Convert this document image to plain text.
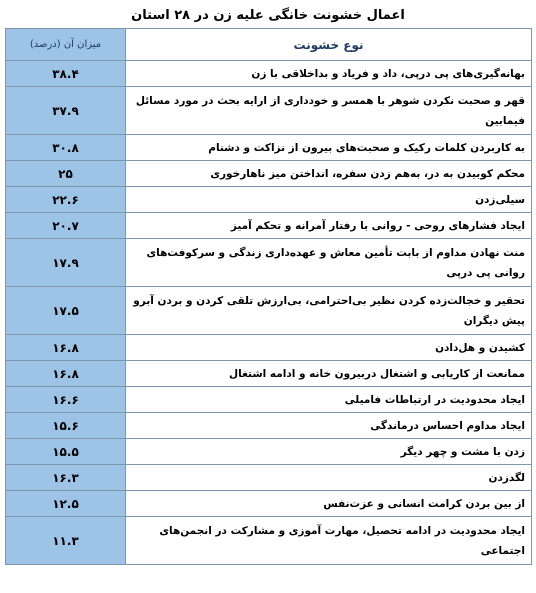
اعمال خشونت خانگی علیه زن در ۲۸ استان
نوع خشونت	میزان آن (درصد)
بهانه‌گیری‌های پی درپی، داد و فریاد و بداخلاقی با زن	۳۸.۴
قهر و صحبت نکردن شوهر با همسر و خودداری از ارایه بحث در مورد مسائل فیمابین	۳۷.۹
به کاربردن کلمات رکیک و صحبت‌های بیرون از نزاکت و دشنام	۳۰.۸
محکم کوبیدن به در، به‌هم زدن سفره، انداختن میز ناهارخوری	۲۵
سیلی‌زدن	۲۲.۶
ایجاد فشارهای روحی - روانی با رفتار آمرانه و تحکم آمیز	۲۰.۷
منت نهادن مداوم از بابت تأمین معاش و عهده‌داری زندگی و سرکوفت‌های روانی پی درپی	۱۷.۹
تحقیر و خجالت‌زده کردن نظیر بی‌احترامی، بی‌ارزش تلقی کردن و بردن آبرو پیش دیگران	۱۷.۵
کشیدن و هل‌دادن	۱۶.۸
ممانعت از کاریابی و اشتغال دربیرون خانه و ادامه اشتغال	۱۶.۸
ایجاد محدودیت در ارتباطات فامیلی	۱۶.۶
ایجاد مداوم احساس درماندگی	۱۵.۶
زدن با مشت و چهر دیگر	۱۵.۵
لگدزدن	۱۶.۳
از بین بردن کرامت انسانی و عزت‌نفس	۱۲.۵
ایجاد محدودیت در ادامه تحصیل، مهارت آموزی و مشارکت در انجمن‌های اجتماعی	۱۱.۳
